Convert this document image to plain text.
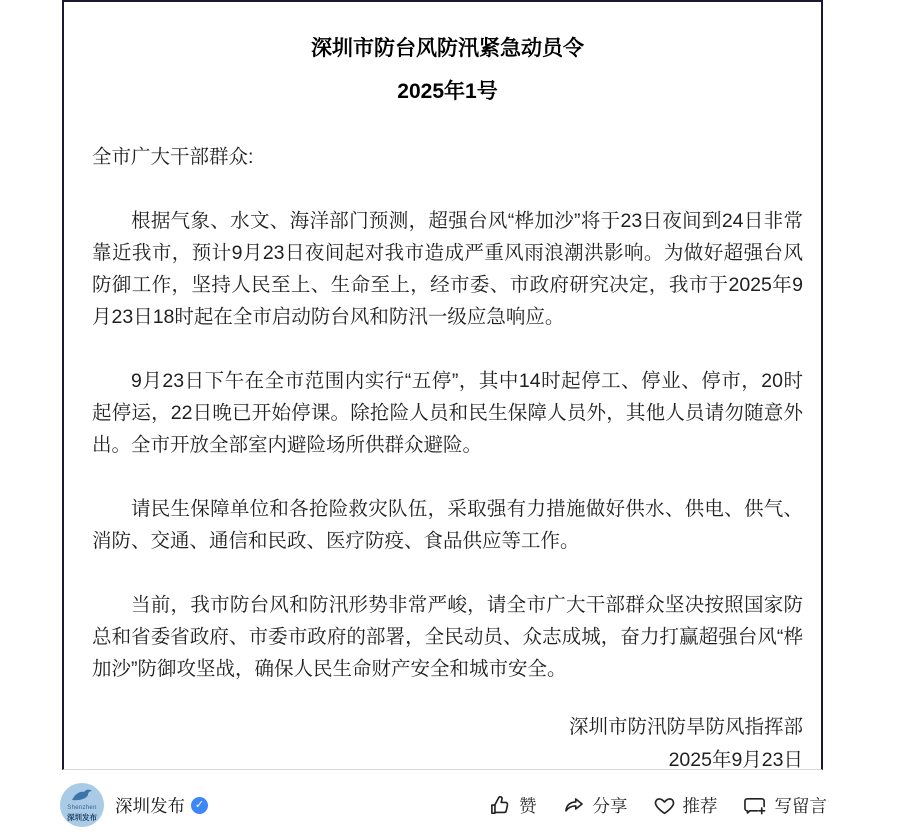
深圳市防台风防汛紧急动员令
2025年1号
全市广大干部群众:

根据气象、水文、海洋部门预测，超强台风“桦加沙”将于23日夜间到24日非常靠近我市，预计9月23日夜间起对我市造成严重风雨浪潮洪影响。为做好超强台风防御工作，坚持人民至上、生命至上，经市委、市政府研究决定，我市于2025年9月23日18时起在全市启动防台风和防汛一级应急响应。

9月23日下午在全市范围内实行“五停”，其中14时起停工、停业、停市，20时起停运，22日晚已开始停课。除抢险人员和民生保障人员外，其他人员请勿随意外出。全市开放全部室内避险场所供群众避险。

请民生保障单位和各抢险救灾队伍，采取强有力措施做好供水、供电、供气、消防、交通、通信和民政、医疗防疫、食品供应等工作。

当前，我市防台风和防汛形势非常严峻，请全市广大干部群众坚决按照国家防总和省委省政府、市委市政府的部署，全民动员、众志成城，奋力打赢超强台风“桦加沙”防御攻坚战，确保人民生命财产安全和城市安全。

深圳市防汛防旱防风指挥部
2025年9月23日
Shenzhen
深圳发布
深圳发布 ✓	赞	分享	推荐	写留言
